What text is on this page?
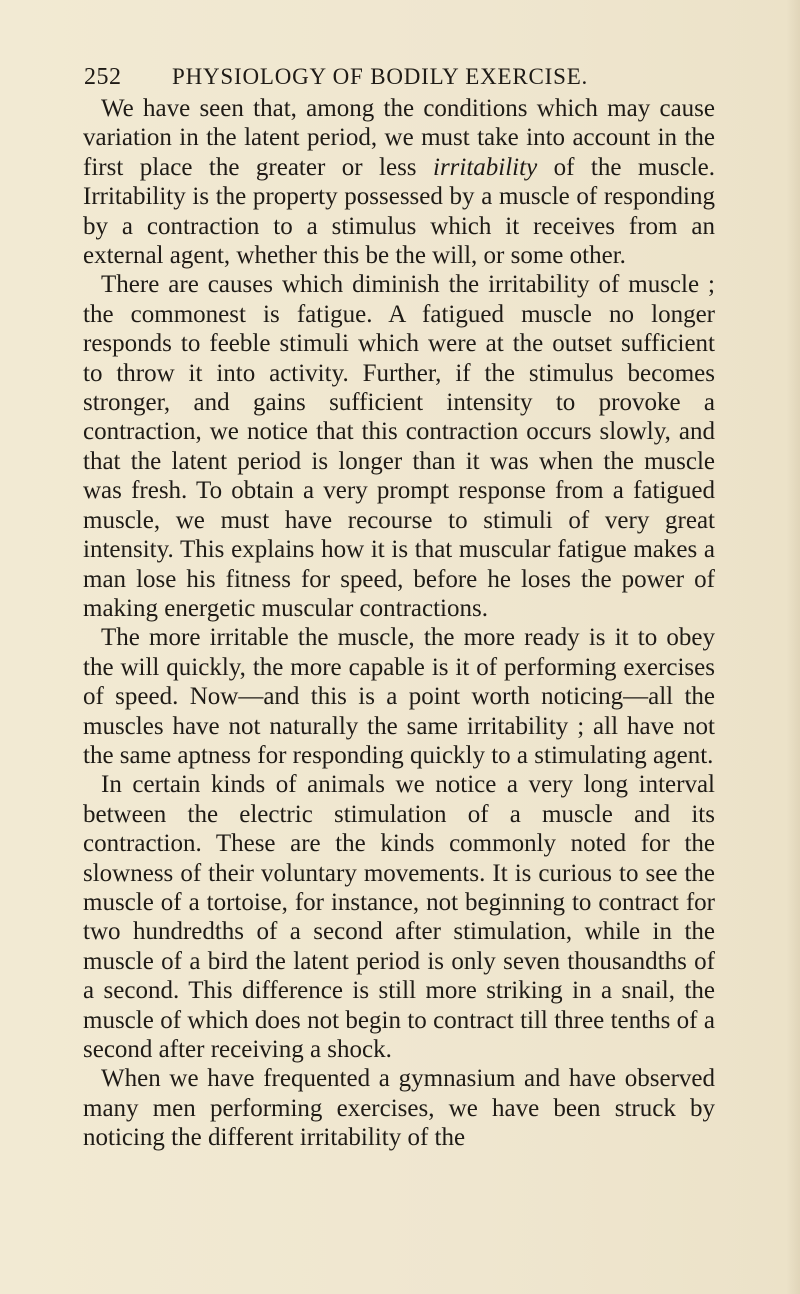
252 PHYSIOLOGY OF BODILY EXERCISE.

We have seen that, among the conditions which may cause variation in the latent period, we must take into account in the first place the greater or less irritability of the muscle. Irritability is the property possessed by a muscle of responding by a contraction to a stimulus which it receives from an external agent, whether this be the will, or some other.

There are causes which diminish the irritability of muscle ; the commonest is fatigue. A fatigued muscle no longer responds to feeble stimuli which were at the outset sufficient to throw it into activity. Further, if the stimulus becomes stronger, and gains sufficient intensity to provoke a contraction, we notice that this contraction occurs slowly, and that the latent period is longer than it was when the muscle was fresh. To obtain a very prompt response from a fatigued muscle, we must have recourse to stimuli of very great intensity. This explains how it is that muscular fatigue makes a man lose his fitness for speed, before he loses the power of making energetic muscular contractions.

The more irritable the muscle, the more ready is it to obey the will quickly, the more capable is it of performing exercises of speed. Now—and this is a point worth noticing—all the muscles have not naturally the same irritability ; all have not the same aptness for responding quickly to a stimulating agent.

In certain kinds of animals we notice a very long interval between the electric stimulation of a muscle and its contraction. These are the kinds commonly noted for the slowness of their voluntary movements. It is curious to see the muscle of a tortoise, for instance, not beginning to contract for two hundredths of a second after stimulation, while in the muscle of a bird the latent period is only seven thousandths of a second. This difference is still more striking in a snail, the muscle of which does not begin to contract till three tenths of a second after receiving a shock.

When we have frequented a gymnasium and have observed many men performing exercises, we have been struck by noticing the different irritability of the
